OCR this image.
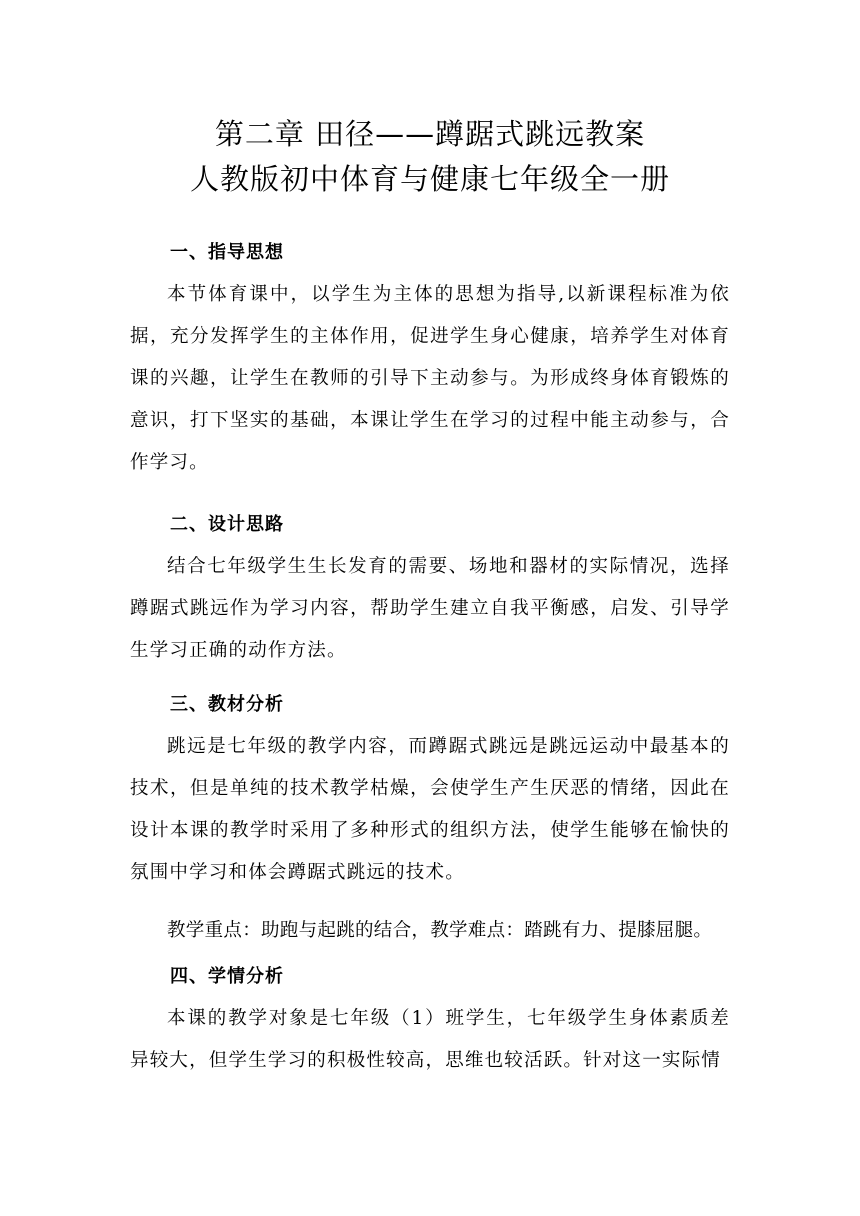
第二章 田径——蹲踞式跳远教案
人教版初中体育与健康七年级全一册
一、指导思想
本节体育课中，以学生为主体的思想为指导,以新课程标准为依据，充分发挥学生的主体作用，促进学生身心健康，培养学生对体育课的兴趣，让学生在教师的引导下主动参与。为形成终身体育锻炼的意识，打下坚实的基础，本课让学生在学习的过程中能主动参与，合作学习。
二、设计思路
结合七年级学生生长发育的需要、场地和器材的实际情况，选择蹲踞式跳远作为学习内容，帮助学生建立自我平衡感，启发、引导学生学习正确的动作方法。
三、教材分析
跳远是七年级的教学内容，而蹲踞式跳远是跳远运动中最基本的技术，但是单纯的技术教学枯燥，会使学生产生厌恶的情绪，因此在设计本课的教学时采用了多种形式的组织方法，使学生能够在愉快的氛围中学习和体会蹲踞式跳远的技术。
教学重点：助跑与起跳的结合，教学难点：踏跳有力、提膝屈腿。
四、学情分析
本课的教学对象是七年级（1）班学生，七年级学生身体素质差异较大，但学生学习的积极性较高，思维也较活跃。针对这一实际情
